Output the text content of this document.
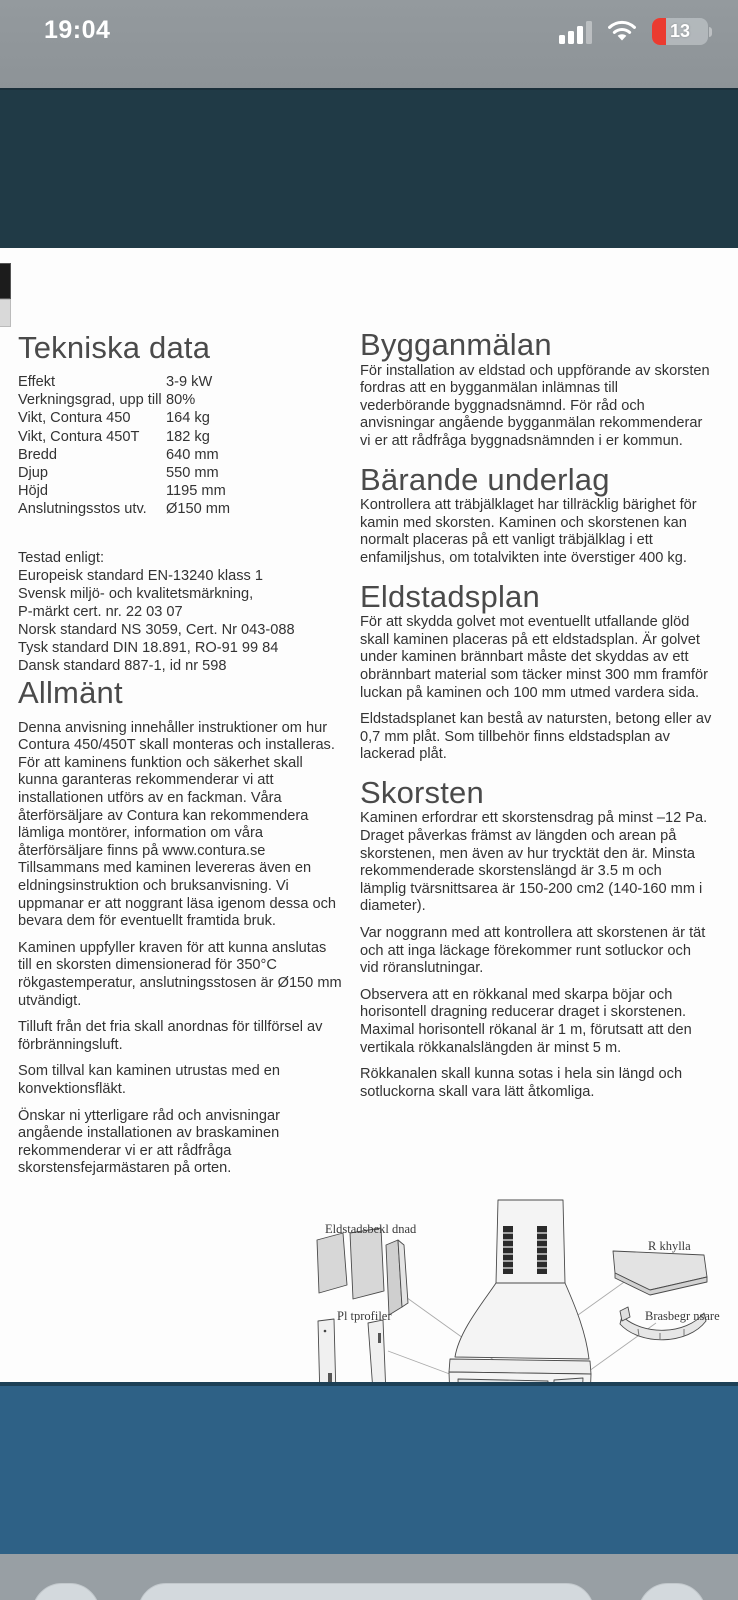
19:04	13
Tekniska data
Effekt	3-9 kW
Verkningsgrad, upp till 80%
Vikt, Contura 450	164 kg
Vikt, Contura 450T	182 kg
Bredd	640 mm
Djup	550 mm
Höjd	1195 mm
Anslutningsstos utv.	Ø150 mm
Testad enligt:
Europeisk standard EN-13240 klass 1
Svensk miljö- och kvalitetsmärkning,
P-märkt cert. nr. 22 03 07
Norsk standard NS 3059, Cert. Nr 043-088
Tysk standard DIN 18.891, RO-91 99 84
Dansk standard 887-1, id nr 598
Allmänt

Denna anvisning innehåller instruktioner om hur Contura 450/450T skall monteras och installeras. För att kaminens funktion och säkerhet skall kunna garanteras rekommenderar vi att installationen utförs av en fackman. Våra återförsäljare av Contura kan rekommendera lämliga montörer, information om våra återförsäljare finns på www.contura.se Tillsammans med kaminen levereras även en eldningsinstruktion och bruksanvisning. Vi uppmanar er att noggrant läsa igenom dessa och bevara dem för eventuellt framtida bruk.

Kaminen uppfyller kraven för att kunna anslutas till en skorsten dimensionerad för 350°C rökgastemperatur, anslutningsstosen är Ø150 mm utvändigt.

Tilluft från det fria skall anordnas för tillförsel av förbränningsluft.

Som tillval kan kaminen utrustas med en konvektionsfläkt.

Önskar ni ytterligare råd och anvisningar angående installationen av braskaminen rekommenderar vi er att rådfråga skorstensfejarmästaren på orten.

Bygganmälan

För installation av eldstad och uppförande av skorsten fordras att en bygganmälan inlämnas till vederbörande byggnadsnämnd. För råd och anvisningar angående bygganmälan rekommenderar vi er att rådfråga byggnadsnämnden i er kommun.

Bärande underlag

Kontrollera att träbjälklaget har tillräcklig bärighet för kamin med skorsten. Kaminen och skorstenen kan normalt placeras på ett vanligt träbjälklag i ett enfamiljshus, om totalvikten inte överstiger 400 kg.

Eldstadsplan

För att skydda golvet mot eventuellt utfallande glöd skall kaminen placeras på ett eldstadsplan. Är golvet under kaminen brännbart måste det skyddas av ett obrännbart material som täcker minst 300 mm framför luckan på kaminen och 100 mm utmed vardera sida.

Eldstadsplanet kan bestå av natursten, betong eller av 0,7 mm plåt. Som tillbehör finns eldstadsplan av lackerad plåt.

Skorsten

Kaminen erfordrar ett skorstensdrag på minst –12 Pa. Draget påverkas främst av längden och arean på skorstenen, men även av hur trycktät den är. Minsta rekommenderade skorstenslängd är 3.5 m och lämplig tvärsnittsarea är 150-200 cm2 (140-160 mm i diameter).

Var noggrann med att kontrollera att skorstenen är tät och att inga läckage förekommer runt sotluckor och vid röranslutningar.

Observera att en rökkanal med skarpa böjar och horisontell dragning reducerar draget i skorstenen. Maximal horisontell rökanal är 1 m, förutsatt att den vertikala rökkanalslängden är minst 5 m.

Rökkanalen skall kunna sotas i hela sin längd och sotluckorna skall vara lätt åtkomliga.

Eldstadsbekl dnad
Pl tprofiler
R khylla
Brasbegr nsare
